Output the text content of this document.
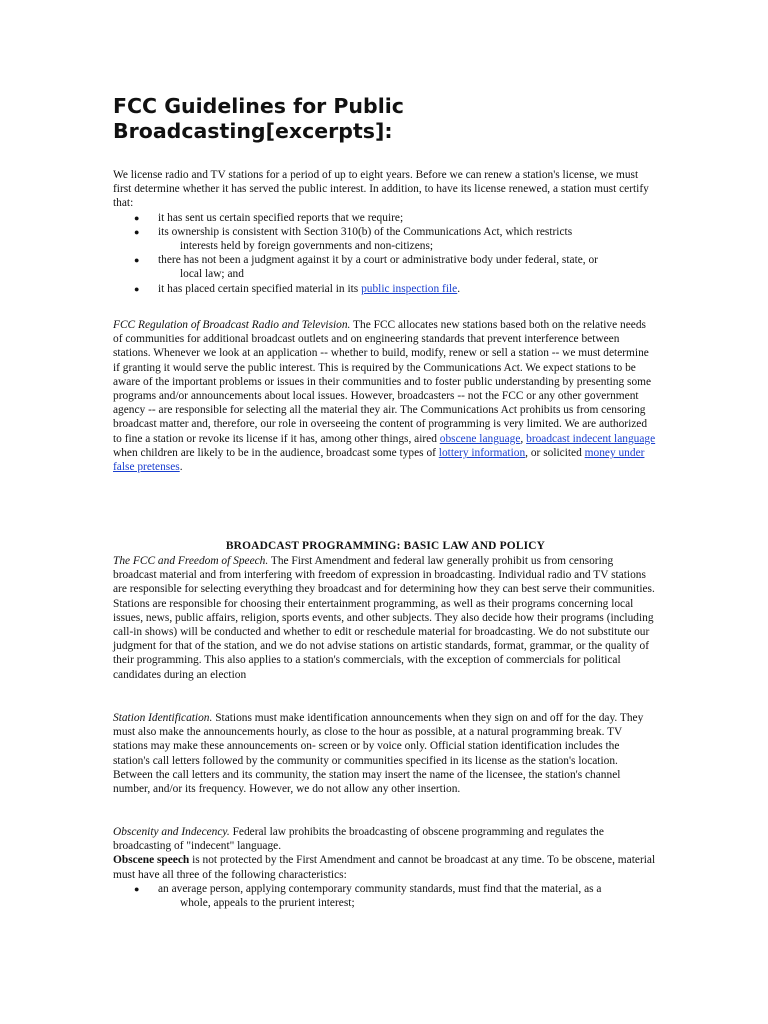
FCC Guidelines for Public Broadcasting[excerpts]:

We license radio and TV stations for a period of up to eight years. Before we can renew a station's license, we must first determine whether it has served the public interest. In addition, to have its license renewed, a station must certify that:

● it has sent us certain specified reports that we require;
● its ownership is consistent with Section 310(b) of the Communications Act, which restricts
interests held by foreign governments and non-citizens;
● there has not been a judgment against it by a court or administrative body under federal, state, or
local law; and
● it has placed certain specified material in its public inspection file.

FCC Regulation of Broadcast Radio and Television. The FCC allocates new stations based both on the relative needs of communities for additional broadcast outlets and on engineering standards that prevent interference between stations. Whenever we look at an application -- whether to build, modify, renew or sell a station -- we must determine if granting it would serve the public interest. This is required by the Communications Act. We expect stations to be aware of the important problems or issues in their communities and to foster public understanding by presenting some programs and/or announcements about local issues. However, broadcasters -- not the FCC or any other government agency -- are responsible for selecting all the material they air. The Communications Act prohibits us from censoring broadcast matter and, therefore, our role in overseeing the content of programming is very limited. We are authorized to fine a station or revoke its license if it has, among other things, aired obscene language, broadcast indecent language when children are likely to be in the audience, broadcast some types of lottery information, or solicited money under false pretenses.

BROADCAST PROGRAMMING: BASIC LAW AND POLICY

The FCC and Freedom of Speech. The First Amendment and federal law generally prohibit us from censoring broadcast material and from interfering with freedom of expression in broadcasting. Individual radio and TV stations are responsible for selecting everything they broadcast and for determining how they can best serve their communities. Stations are responsible for choosing their entertainment programming, as well as their programs concerning local issues, news, public affairs, religion, sports events, and other subjects. They also decide how their programs (including call-in shows) will be conducted and whether to edit or reschedule material for broadcasting. We do not substitute our judgment for that of the station, and we do not advise stations on artistic standards, format, grammar, or the quality of their programming. This also applies to a station's commercials, with the exception of commercials for political candidates during an election

Station Identification. Stations must make identification announcements when they sign on and off for the day. They must also make the announcements hourly, as close to the hour as possible, at a natural programming break. TV stations may make these announcements on- screen or by voice only. Official station identification includes the station's call letters followed by the community or communities specified in its license as the station's location. Between the call letters and its community, the station may insert the name of the licensee, the station's channel number, and/or its frequency. However, we do not allow any other insertion.

Obscenity and Indecency. Federal law prohibits the broadcasting of obscene programming and regulates the broadcasting of "indecent" language.

Obscene speech is not protected by the First Amendment and cannot be broadcast at any time. To be obscene, material must have all three of the following characteristics:

● an average person, applying contemporary community standards, must find that the material, as a
whole, appeals to the prurient interest;
